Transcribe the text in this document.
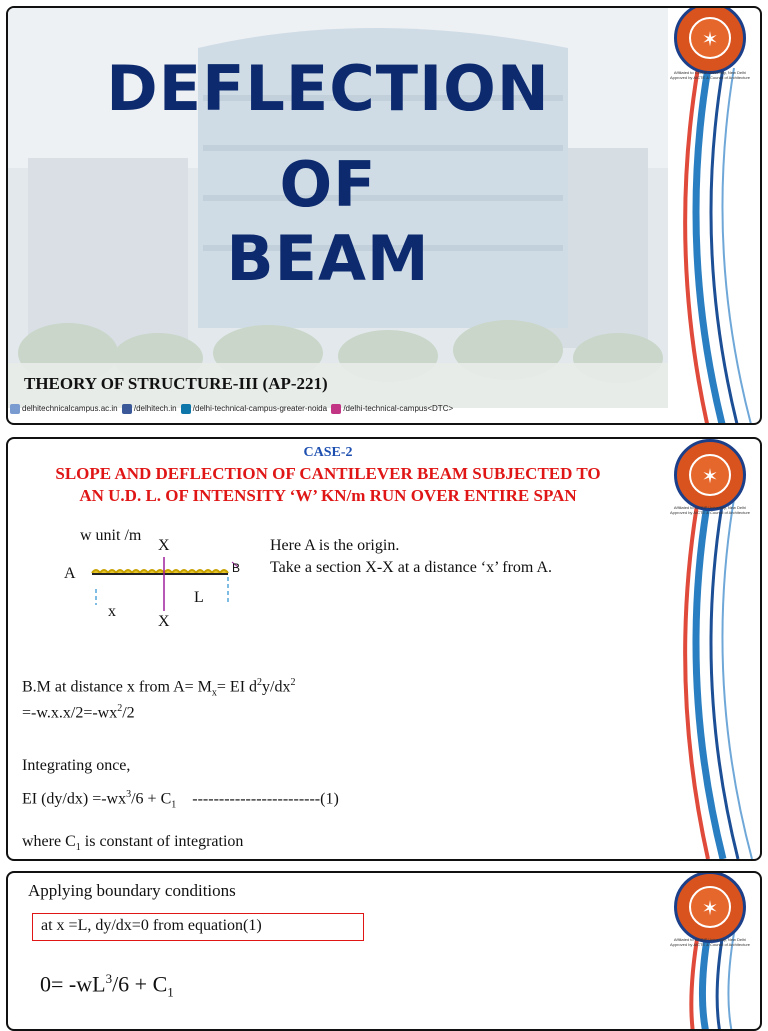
DEFLECTION
OF
BEAM
THEORY OF STRUCTURE-III (AP-221)
delhitechnicalcampus.ac.in /delhitech.in /delhi-technical-campus-greater-noida /delhi-technical-campus<DTC>
✶
Affiliated to GGSIP University, New Delhi Approved by AICTE & Council of Architecture
CASE-2
SLOPE AND DEFLECTION OF CANTILEVER BEAM SUBJECTED TO
AN U.D. L. OF INTENSITY ‘W’ KN/m RUN OVER ENTIRE SPAN
w unit /m
X
A	B
L
x
X
Here A is the origin.
Take a section X-X at a distance ‘x’ from A.
B.M at distance x from $A= M_x=$ EI $d^2y/dx^2$
$=-w.x.x/2=-wx^2/2$
Integrating once,
EI $(dy/dx) =-wx^3/6 + C_1$    ------------------------(1)
where $C_1$ is constant of integration
✶
Affiliated to GGSIP University, New Delhi Approved by AICTE & Council of Architecture
Applying boundary conditions
at x =L, dy/dx=0 from equation(1)
$0= -wL^3/6 + C_1$
✶
Affiliated to GGSIP University, New Delhi Approved by AICTE & Council of Architecture
